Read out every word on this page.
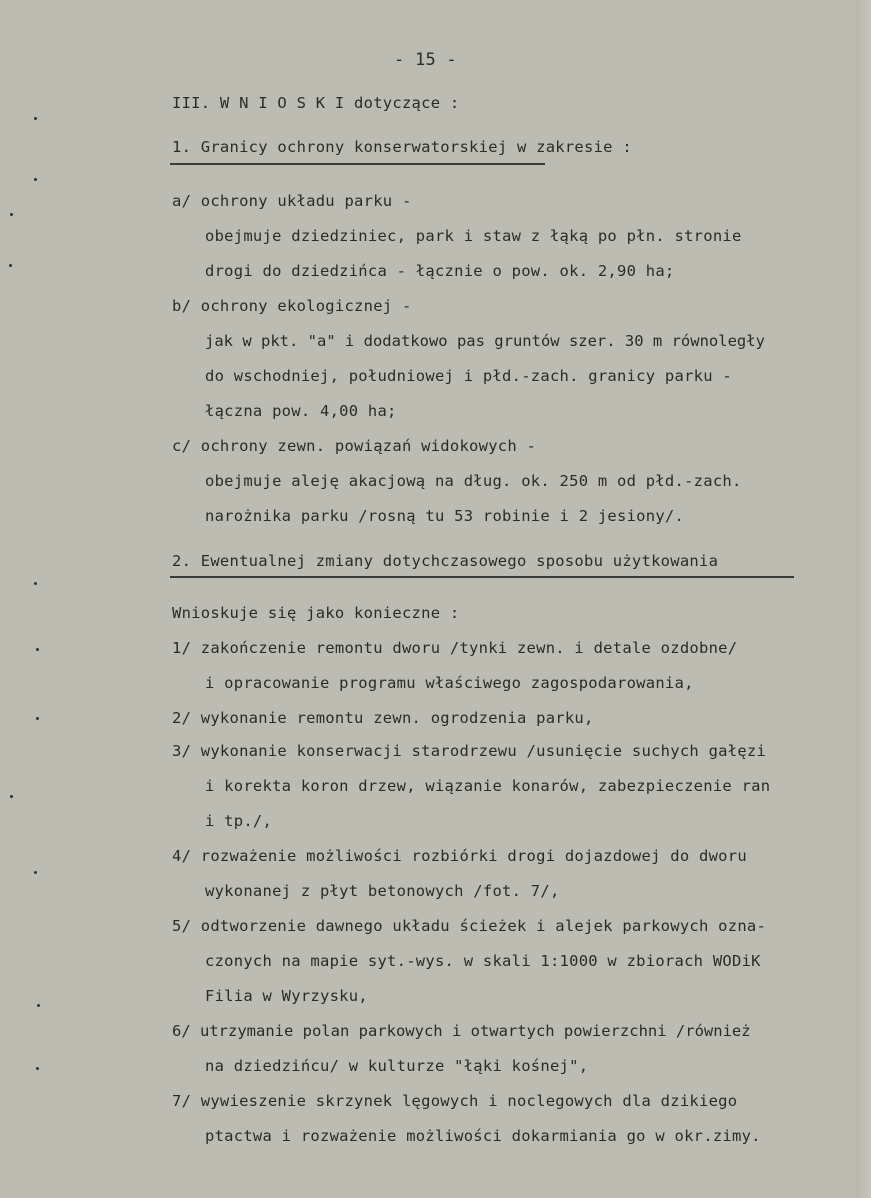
- 15 -
III. W N I O S K I dotyczące :
1. Granicy ochrony konserwatorskiej w zakresie :
a/ ochrony układu parku -
obejmuje dziedziniec, park i staw z łąką po płn. stronie
drogi do dziedzińca - łącznie o pow. ok. 2,90 ha;
b/ ochrony ekologicznej -
jak w pkt. "a" i dodatkowo pas gruntów szer. 30 m równoległy
do wschodniej, południowej i płd.-zach. granicy parku -
łączna pow. 4,00 ha;
c/ ochrony zewn. powiązań widokowych -
obejmuje aleję akacjową na dług. ok. 250 m od płd.-zach.
narożnika parku /rosną tu 53 robinie i 2 jesiony/.
2. Ewentualnej zmiany dotychczasowego sposobu użytkowania
Wnioskuje się jako konieczne :
1/ zakończenie remontu dworu /tynki zewn. i detale ozdobne/
i opracowanie programu właściwego zagospodarowania,
2/ wykonanie remontu zewn. ogrodzenia parku,
3/ wykonanie konserwacji starodrzewu /usunięcie suchych gałęzi
i korekta koron drzew, wiązanie konarów, zabezpieczenie ran
i tp./,
4/ rozważenie możliwości rozbiórki drogi dojazdowej do dworu
wykonanej z płyt betonowych /fot. 7/,
5/ odtworzenie dawnego układu ścieżek i alejek parkowych ozna-
czonych na mapie syt.-wys. w skali 1:1000 w zbiorach WODiK
Filia w Wyrzysku,
6/ utrzymanie polan parkowych i otwartych powierzchni /również
na dziedzińcu/ w kulturze "łąki kośnej",
7/ wywieszenie skrzynek lęgowych i noclegowych dla dzikiego
ptactwa i rozważenie możliwości dokarmiania go w okr.zimy.
